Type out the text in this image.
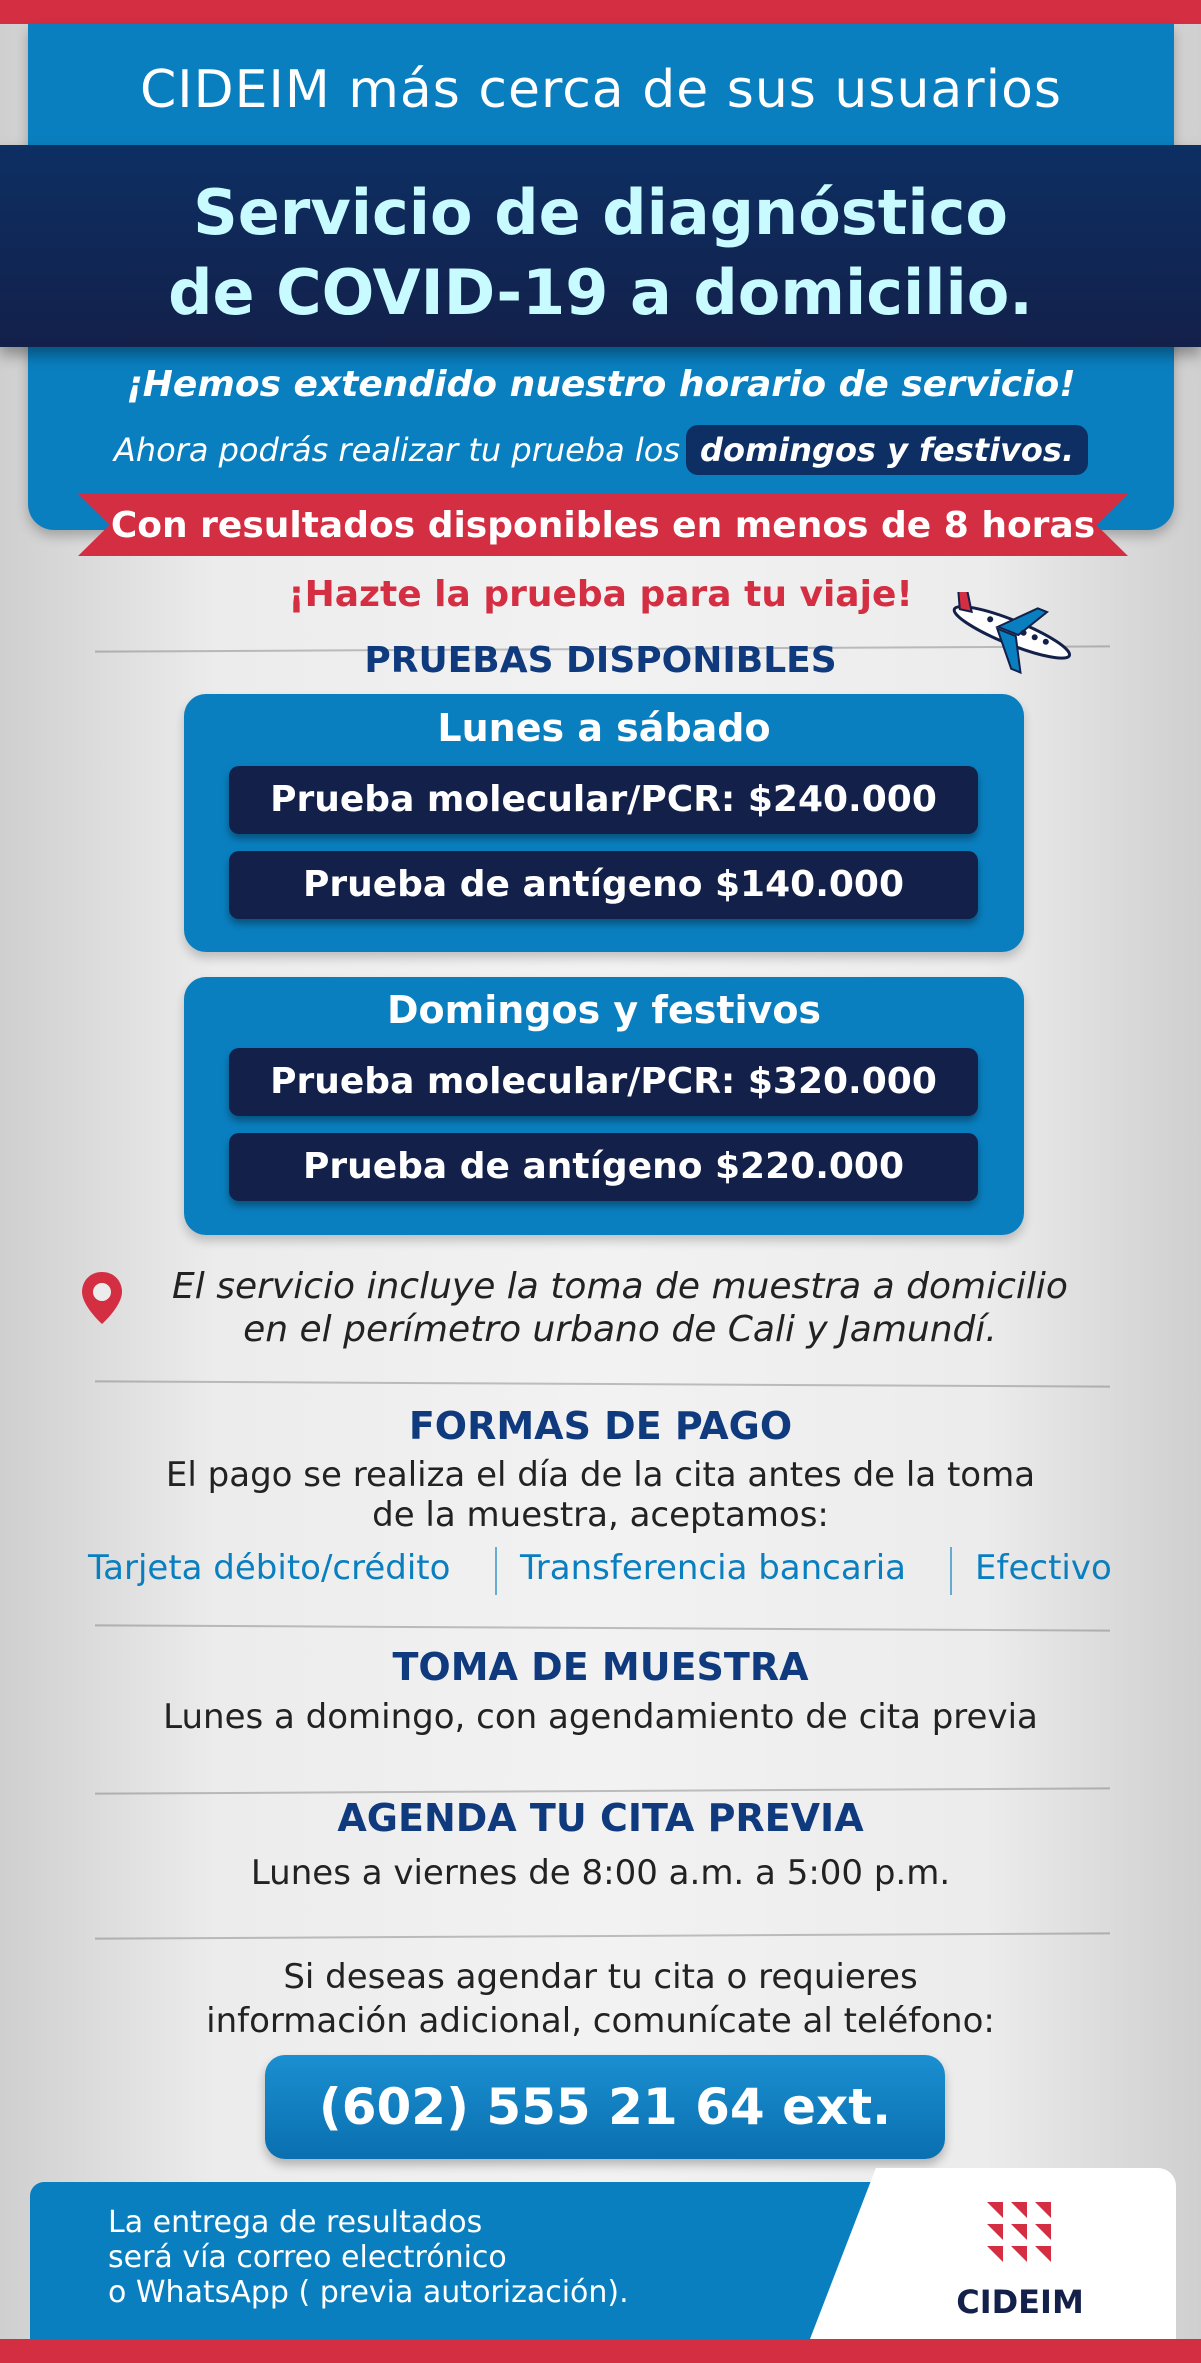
CIDEIM más cerca de sus usuarios
Servicio de diagnóstico
de COVID-19 a domicilio.
¡Hemos extendido nuestro horario de servicio!
Ahora podrás realizar tu prueba los domingos y festivos.
Con resultados disponibles en menos de 8 horas
¡Hazte la prueba para tu viaje!
PRUEBAS DISPONIBLES
Lunes a sábado
Prueba molecular/PCR: $240.000
Prueba de antígeno $140.000
Domingos y festivos
Prueba molecular/PCR: $320.000
Prueba de antígeno $220.000
El servicio incluye la toma de muestra a domicilio
en el perímetro urbano de Cali y Jamundí.
FORMAS DE PAGO
El pago se realiza el día de la cita antes de la toma
de la muestra, aceptamos:
Tarjeta débito/crédito Transferencia bancaria Efectivo
TOMA DE MUESTRA
Lunes a domingo, con agendamiento de cita previa
AGENDA TU CITA PREVIA
Lunes a viernes de 8:00 a.m. a 5:00 p.m.
Si deseas agendar tu cita o requieres
información adicional, comunícate al teléfono:
(602) 555 21 64 ext.
La entrega de resultados
será vía correo electrónico
o WhatsApp ( previa autorización).	CIDEIM
